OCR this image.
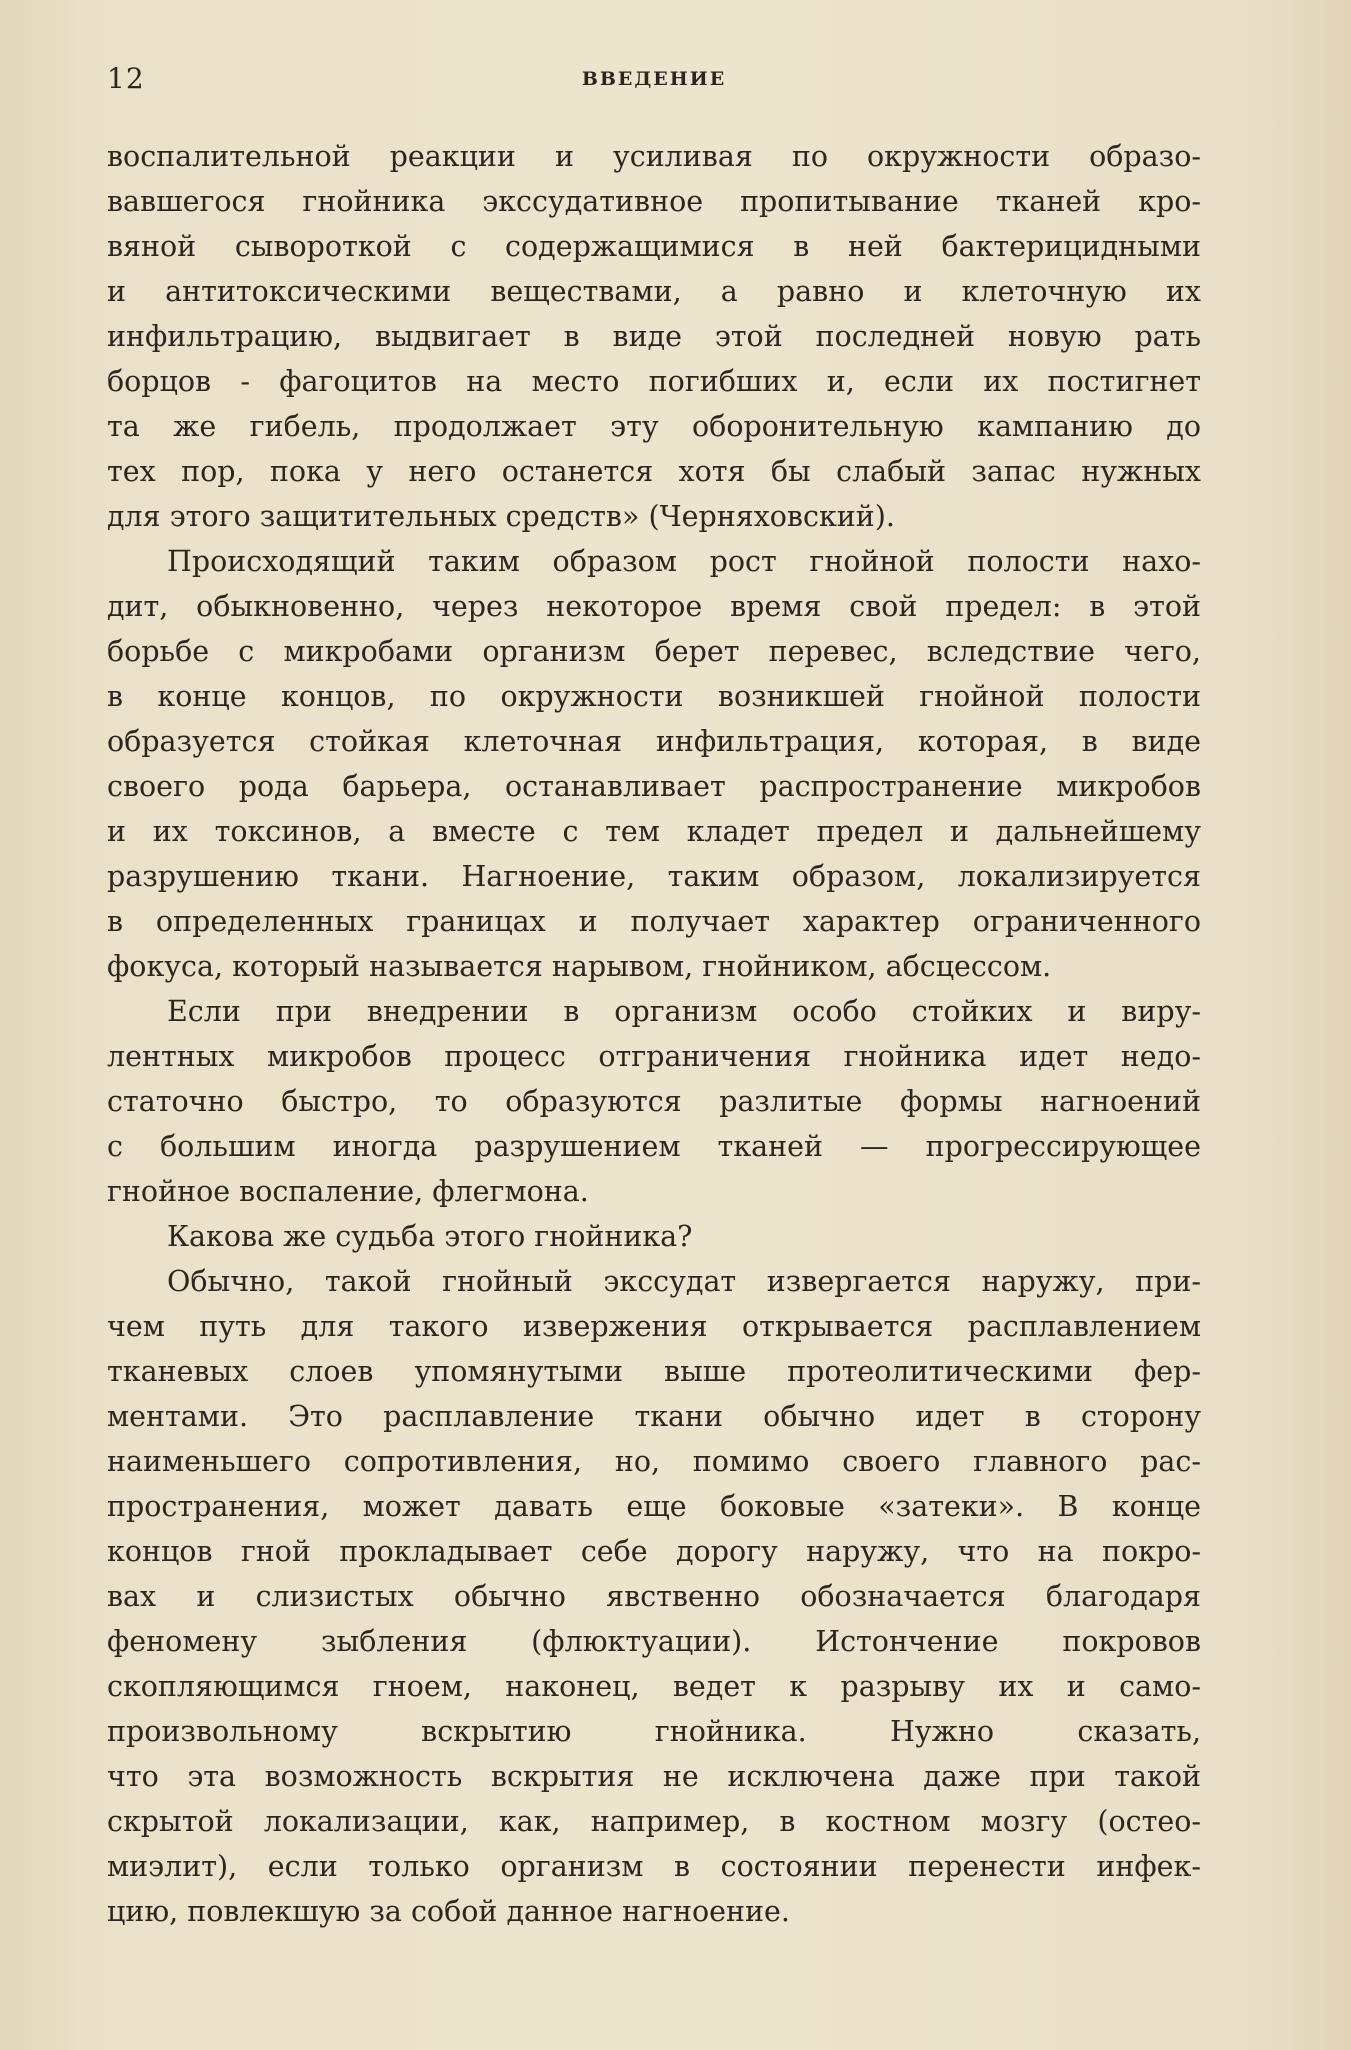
12	ВВЕДЕНИЕ
воспалительной реакции и усиливая по окружности образо-
вавшегося гнойника экссудативное пропитывание тканей кро-
вяной сывороткой с содержащимися в ней бактерицидными
и антитоксическими веществами, а равно и клеточную их
инфильтрацию, выдвигает в виде этой последней новую рать
борцов - фагоцитов на место погибших и, если их постигнет
та же гибель, продолжает эту оборонительную кампанию до
тех пор, пока у него останется хотя бы слабый запас нужных
для этого защитительных средств» (Черняховский).
Происходящий таким образом рост гнойной полости нахо-
дит, обыкновенно, через некоторое время свой предел: в этой
борьбе с микробами организм берет перевес, вследствие чего,
в конце концов, по окружности возникшей гнойной полости
образуется стойкая клеточная инфильтрация, которая, в виде
своего рода барьера, останавливает распространение микробов
и их токсинов, а вместе с тем кладет предел и дальнейшему
разрушению ткани. Нагноение, таким образом, локализируется
в определенных границах и получает характер ограниченного
фокуса, который называется нарывом, гнойником, абсцессом.
Если при внедрении в организм особо стойких и виру-
лентных микробов процесс отграничения гнойника идет недо-
статочно быстро, то образуются разлитые формы нагноений
с большим иногда разрушением тканей — прогрессирующее
гнойное воспаление, флегмона.
Какова же судьба этого гнойника?
Обычно, такой гнойный экссудат извергается наружу, при-
чем путь для такого извержения открывается расплавлением
тканевых слоев упомянутыми выше протеолитическими фер-
ментами. Это расплавление ткани обычно идет в сторону
наименьшего сопротивления, но, помимо своего главного рас-
пространения, может давать еще боковые «затеки». В конце
концов гной прокладывает себе дорогу наружу, что на покро-
вах и слизистых обычно явственно обозначается благодаря
феномену зыбления (флюктуации). Истончение покровов
скопляющимся гноем, наконец, ведет к разрыву их и само-
произвольному вскрытию гнойника. Нужно сказать,
что эта возможность вскрытия не исключена даже при такой
скрытой локализации, как, например, в костном мозгу (остео-
миэлит), если только организм в состоянии перенести инфек-
цию, повлекшую за собой данное нагноение.
